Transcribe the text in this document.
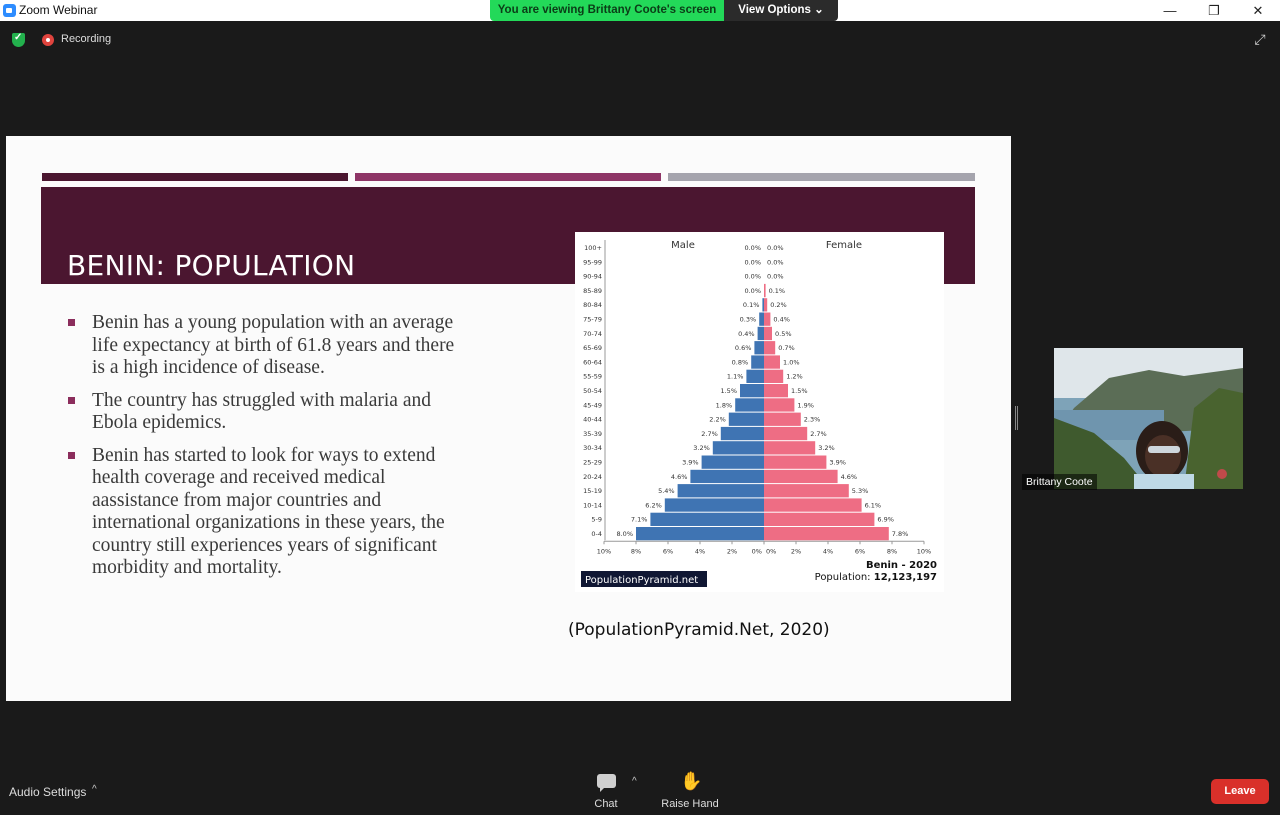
Zoom Webinar	—	❐	✕
You are viewing Brittany Coote's screen	View Options ⌄
✓
Recording	⤢
BENIN: POPULATION
Benin has a young population with an average life expectancy at birth of 61.8 years and there is a high incidence of disease.
The country has struggled with malaria and Ebola epidemics.
Benin has started to look for ways to extend health coverage and received medical aassistance from major countries and international organizations in these years, the country still experiences years of significant morbidity and mortality.
Male	Female
100+	0.0% 0.0%
95-99	0.0% 0.0%
90-94	0.0% 0.0%
85-89	0.0% 0.1%
80-84	0.1% 0.2%
75-79	0.3%	0.4%
70-74	0.4%	0.5%
65-69	0.6%	0.7%
60-64	0.8%	1.0%
55-59	1.1%	1.2%
50-54	1.5%	1.5%
45-49	1.8%	1.9%
40-44	2.2%	2.3%
35-39	2.7%	2.7%
30-34	3.2%	3.2%
25-29	3.9%	3.9%
20-24	4.6%	4.6%
15-19	5.4%	5.3%
10-14	6.2%	6.1%
5-9	7.1%	6.9%
0-4 8.0%	7.8%
10%	8%	6%	4%	2% 0% 0% 2%	4%	6%	8%	10%
Benin - 2020
Population: 12,123,197
PopulationPyramid.net
(PopulationPyramid.Net, 2020)
Brittany Coote
Audio Settings ^
Chat
^ ✋
Raise Hand
Leave
